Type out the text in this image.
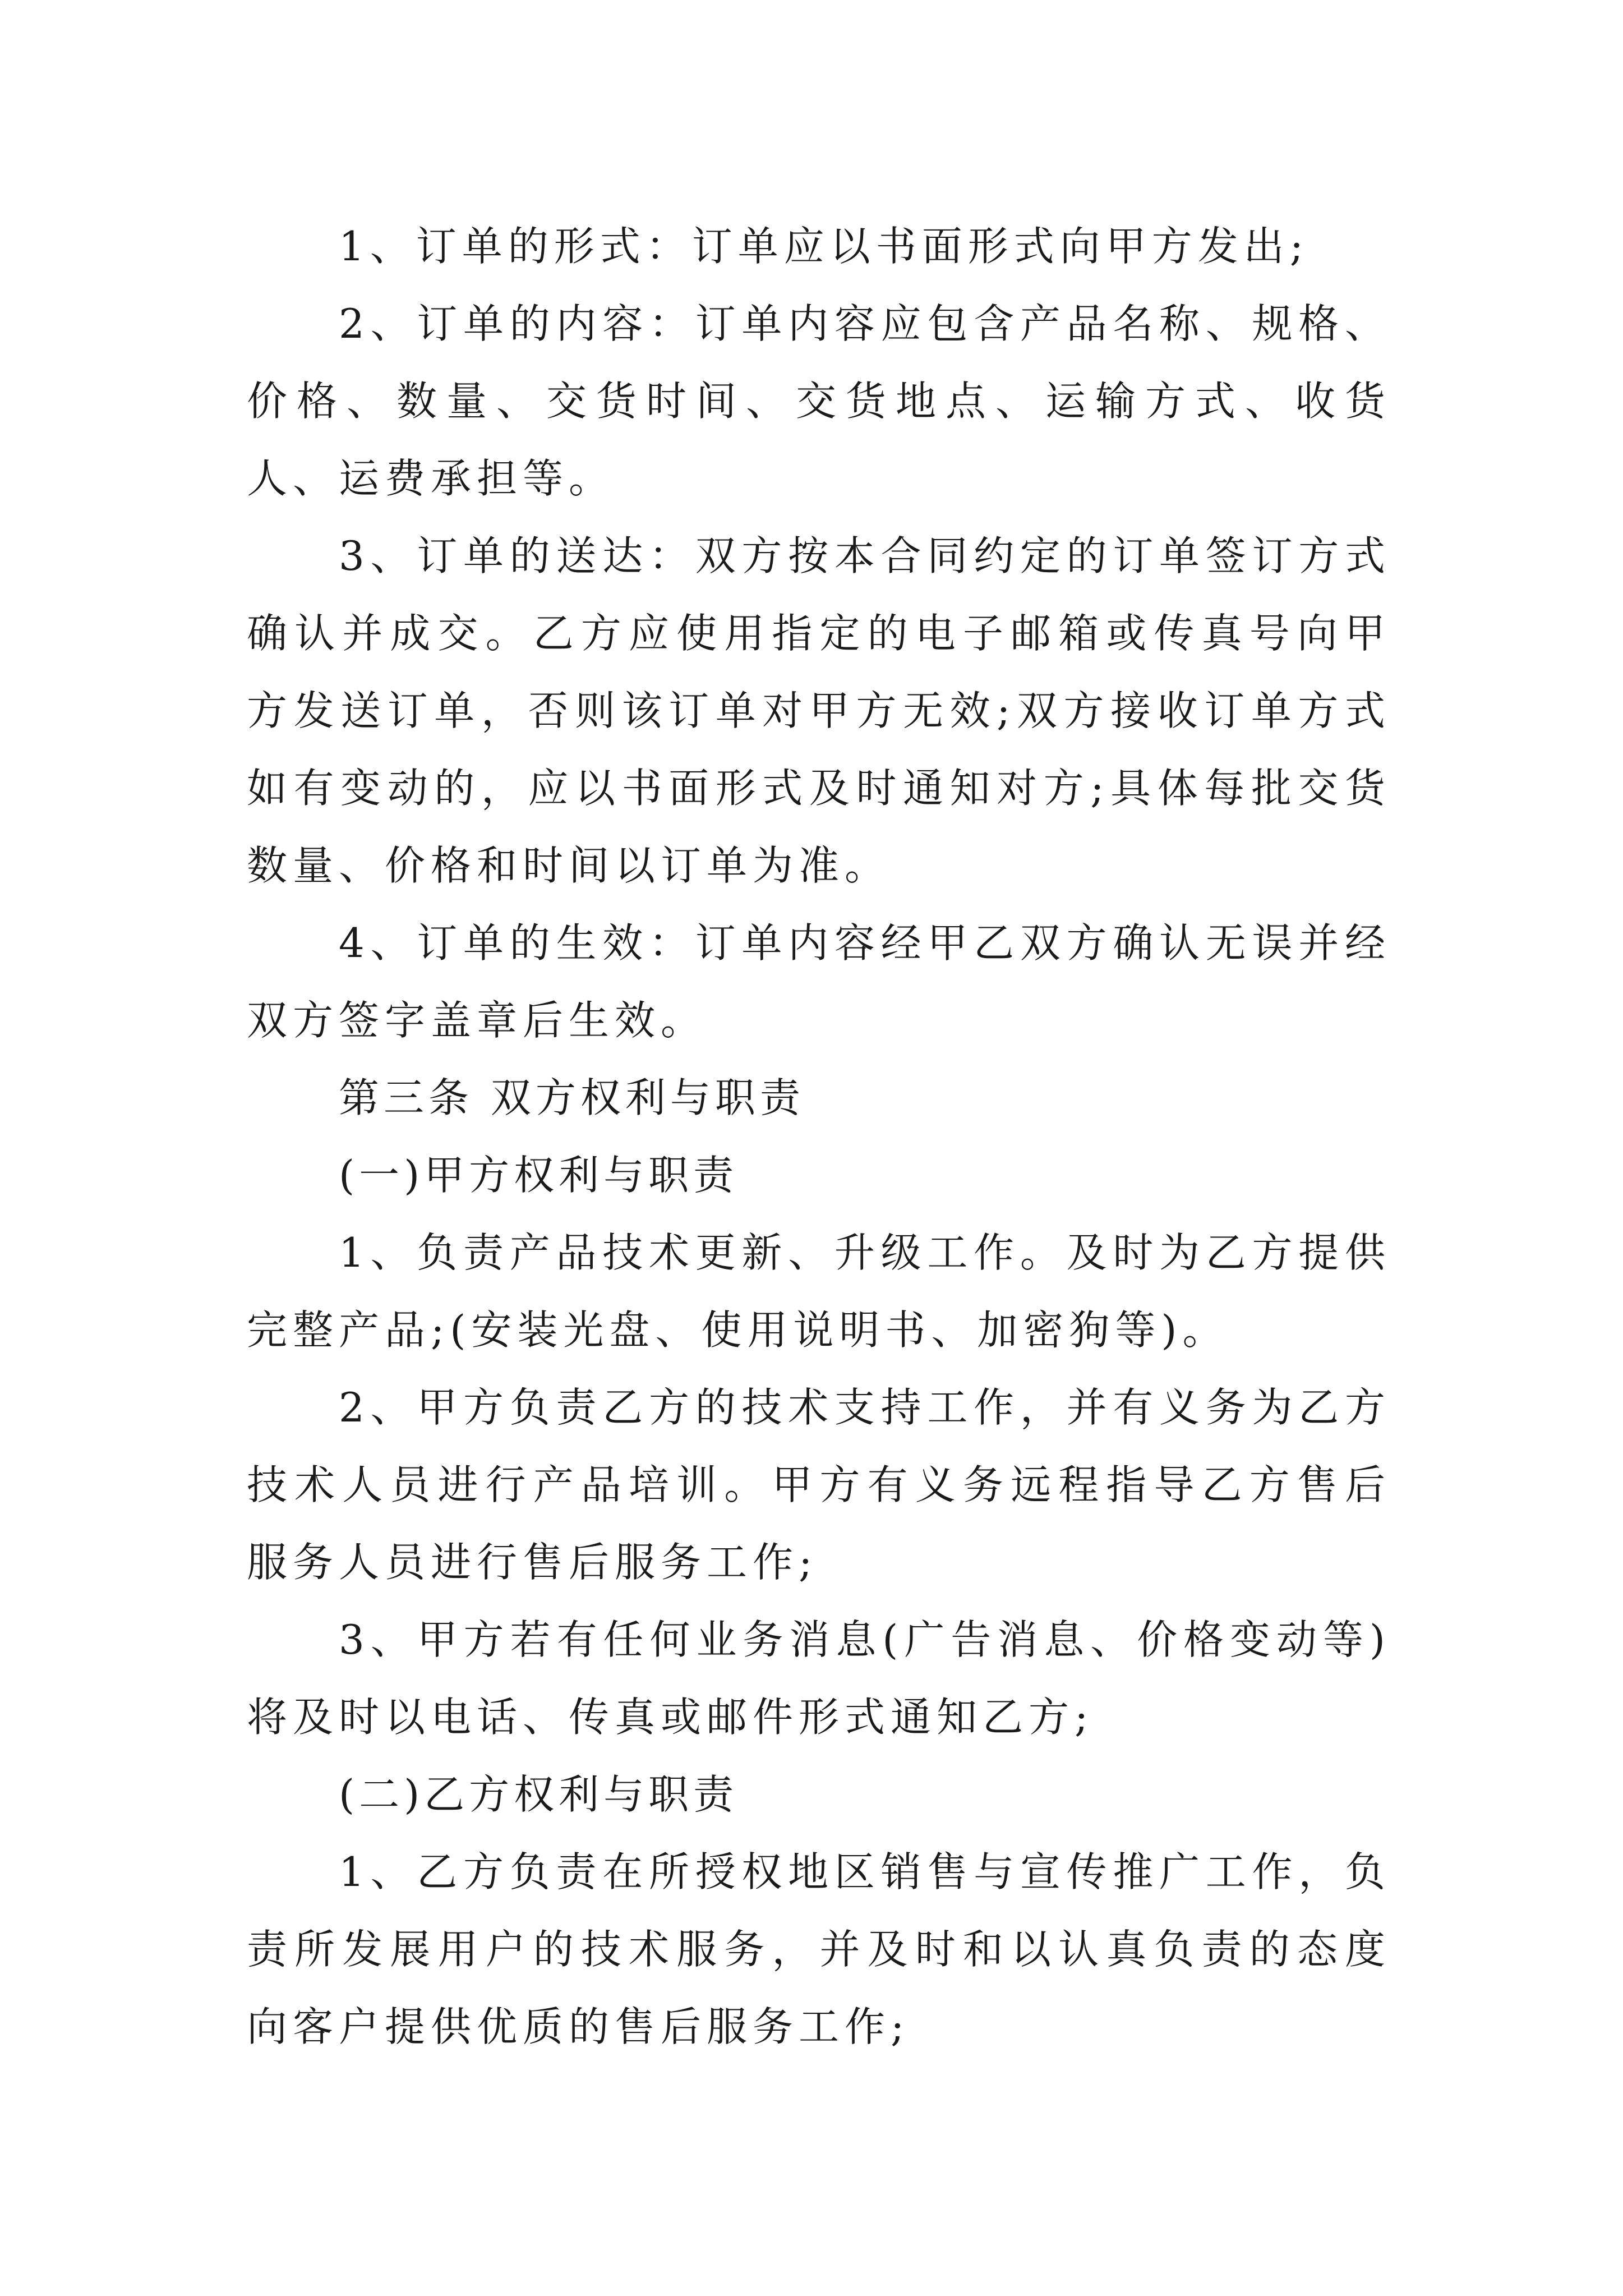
1、订单的形式：订单应以书面形式向甲方发出;

2、订单的内容：订单内容应包含产品名称、规格、价格、数量、交货时间、交货地点、运输方式、收货人、运费承担等。

3、订单的送达：双方按本合同约定的订单签订方式确认并成交。乙方应使用指定的电子邮箱或传真号向甲方发送订单，否则该订单对甲方无效;双方接收订单方式如有变动的，应以书面形式及时通知对方;具体每批交货数量、价格和时间以订单为准。

4、订单的生效：订单内容经甲乙双方确认无误并经双方签字盖章后生效。

第三条 双方权利与职责

(一)甲方权利与职责

1、负责产品技术更新、升级工作。及时为乙方提供完整产品;(安装光盘、使用说明书、加密狗等)。

2、甲方负责乙方的技术支持工作，并有义务为乙方技术人员进行产品培训。甲方有义务远程指导乙方售后服务人员进行售后服务工作;

3、甲方若有任何业务消息(广告消息、价格变动等)将及时以电话、传真或邮件形式通知乙方;

(二)乙方权利与职责

1、乙方负责在所授权地区销售与宣传推广工作，负责所发展用户的技术服务，并及时和以认真负责的态度向客户提供优质的售后服务工作;
